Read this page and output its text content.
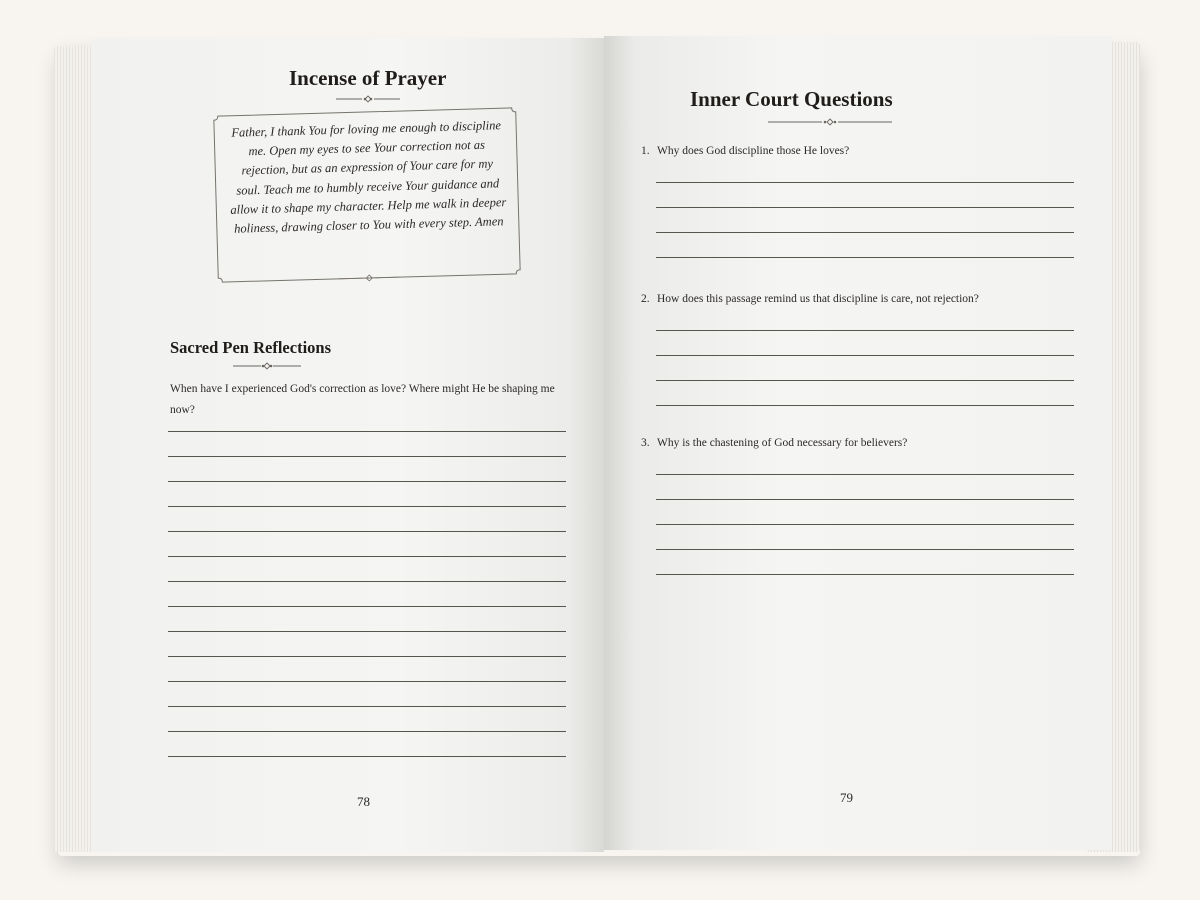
Incense of Prayer
Father, I thank You for loving me enough to discipline me. Open my eyes to see Your correction not as rejection, but as an expression of Your care for my soul. Teach me to humbly receive Your guidance and allow it to shape my character. Help me walk in deeper holiness, drawing closer to You with every step. Amen
Sacred Pen Reflections
When have I experienced God's correction as love? Where might He be shaping me now?
78
Inner Court Questions
1. Why does God discipline those He loves?
2. How does this passage remind us that discipline is care, not rejection?
3. Why is the chastening of God necessary for believers?
79
